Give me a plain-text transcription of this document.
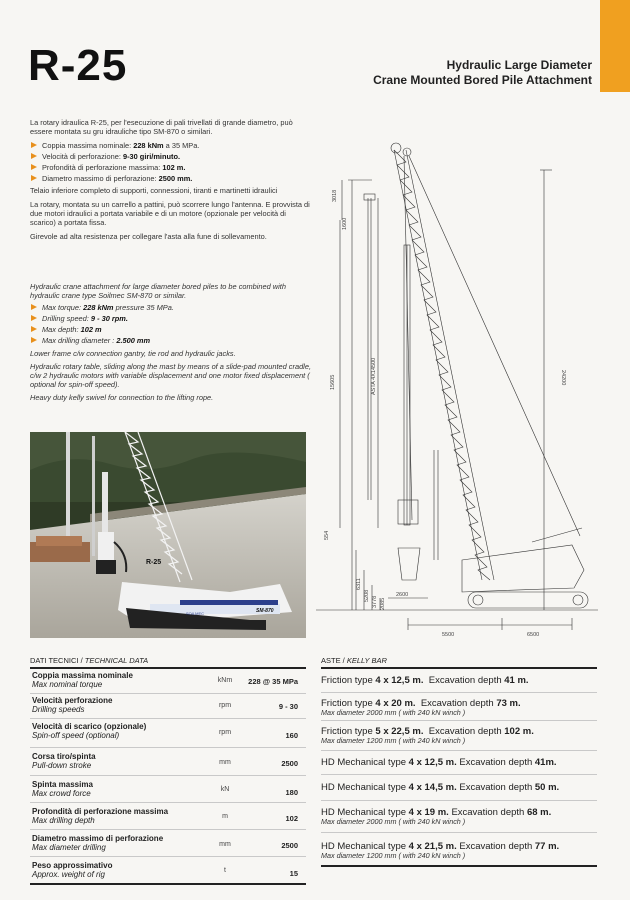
R-25	Hydraulic Large Diameter
Crane Mounted Bored Pile Attachment
La rotary idraulica R-25, per l'esecuzione di pali trivellati di grande diametro, può essere montata su gru idrauliche tipo SM-870 o similari.
Coppia massima nominale: 228 kNm a 35 MPa.
Velocità di perforazione: 9-30 giri/minuto.
Profondità di perforazione massima: 102 m.
Diametro massimo di perforazione: 2500 mm.
Telaio inferiore completo di supporti, connessioni, tiranti e martinetti idraulici
La rotary, montata su un carrello a pattini, può scorrere lungo l'antenna. E provvista di due motori idraulici a portata variabile e di un motore (opzionale per velocità di scarico) a portata fissa.
Girevole ad alta resistenza per collegare l'asta alla fune di sollevamento.
Hydraulic crane attachment for large diameter bored piles to be combined with hydraulic crane type Soilmec SM-870 or similar.
Max torque: 228 kNm pressure 35 MPa.
Drilling speed: 9 - 30 rpm.
Max depth: 102 m
Max drilling diameter : 2.500 mm
Lower frame c/w connection gantry, tie rod and hydraulic jacks.
Hydraulic rotary table, sliding along the mast by means of a slide-pad mounted cradle, c/w 2 hydraulic motors with variable displacement and one motor fixed displacement ( optional for spin-off speed).
Heavy duty kelly swivel for connection to the lifting rope.
R-25
SM-870
SOILMEC
3018
1600
15605	ASTA 4X14500	24200
554
6311
5208 3778 2085
2600
5500	6500
DATI TECNICI / TECHNICAL DATA
Coppia massima nominale
Max nominal torque	kNm	228 @ 35 MPa
Velocità perforazione
Drilling speeds	rpm	9 - 30
Velocità di scarico (opzionale)
Spin-off speed (optional)	rpm	160
Corsa tiro/spinta
Pull-down stroke	mm	2500
Spinta massima
Max crowd force	kN	180
Profondità di perforazione massima
Max drilling depth	m	102
Diametro massimo di perforazione
Max diameter drilling	mm	2500
Peso approssimativo
Approx. weight of rig	t	15
ASTE / KELLY BAR
Friction type 4 x 12,5 m. Excavation depth 41 m.
Friction type 4 x 20 m. Excavation depth 73 m.
Max diameter 2000 mm ( with 240 kN winch )
Friction type 5 x 22,5 m. Excavation depth 102 m.
Max diameter 1200 mm ( with 240 kN winch )
HD Mechanical type 4 x 12,5 m. Excavation depth 41m.
HD Mechanical type 4 x 14,5 m. Excavation depth 50 m.
HD Mechanical type 4 x 19 m. Excavation depth 68 m.
Max diameter 2000 mm ( with 240 kN winch )
HD Mechanical type 4 x 21,5 m. Excavation depth 77 m.
Max diameter 1200 mm ( with 240 kN winch )
